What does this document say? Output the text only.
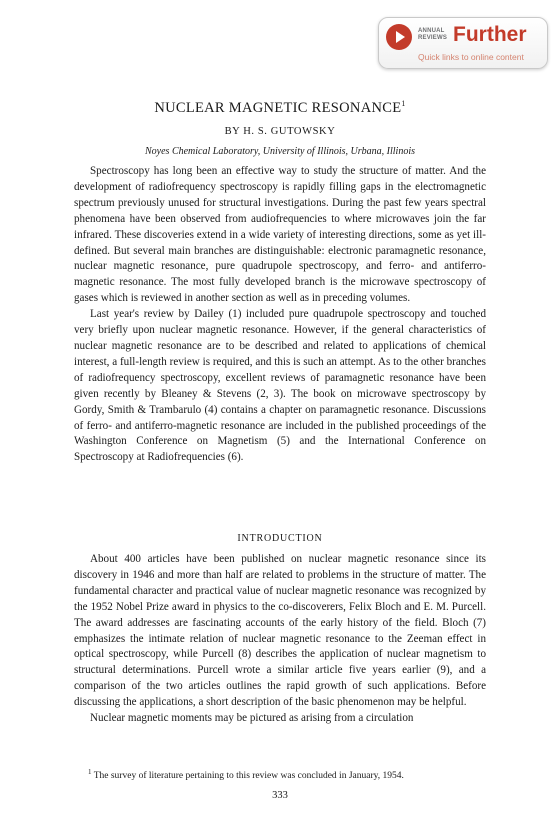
ANNUAL
REVIEWS Further
Quick links to online content
NUCLEAR MAGNETIC RESONANCE$^1$
BY H. S. GUTOWSKY
Noyes Chemical Laboratory, University of Illinois, Urbana, Illinois

Spectroscopy has long been an effective way to study the structure of matter. And the development of radiofrequency spectroscopy is rapidly filling gaps in the electromagnetic spectrum previously unused for structural investigations. During the past few years spectral phenomena have been observed from audiofrequencies to where microwaves join the far infrared. These discoveries extend in a wide variety of interesting directions, some as yet ill-defined. But several main branches are distinguishable: electronic paramagnetic resonance, nuclear magnetic resonance, pure quadrupole spectroscopy, and ferro- and antiferro-magnetic resonance. The most fully developed branch is the microwave spectroscopy of gases which is reviewed in another section as well as in preceding volumes.

Last year's review by Dailey (1) included pure quadrupole spectroscopy and touched very briefly upon nuclear magnetic resonance. However, if the general characteristics of nuclear magnetic resonance are to be described and related to applications of chemical interest, a full-length review is required, and this is such an attempt. As to the other branches of radiofrequency spectroscopy, excellent reviews of paramagnetic resonance have been given recently by Bleaney & Stevens (2, 3). The book on microwave spectroscopy by Gordy, Smith & Trambarulo (4) contains a chapter on paramagnetic resonance. Discussions of ferro- and antiferro-magnetic resonance are included in the published proceedings of the Washington Conference on Magnetism (5) and the International Conference on Spectroscopy at Radiofrequencies (6).

INTRODUCTION

About 400 articles have been published on nuclear magnetic resonance since its discovery in 1946 and more than half are related to problems in the structure of matter. The fundamental character and practical value of nuclear magnetic resonance was recognized by the 1952 Nobel Prize award in physics to the co-discoverers, Felix Bloch and E. M. Purcell. The award addresses are fascinating accounts of the early history of the field. Bloch (7) emphasizes the intimate relation of nuclear magnetic resonance to the Zeeman effect in optical spectroscopy, while Purcell (8) describes the application of nuclear magnetism to structural determinations. Purcell wrote a similar article five years earlier (9), and a comparison of the two articles outlines the rapid growth of such applications. Before discussing the applications, a short description of the basic phenomenon may be helpful.

Nuclear magnetic moments may be pictured as arising from a circulation

$^1$ The survey of literature pertaining to this review was concluded in January, 1954.
333
